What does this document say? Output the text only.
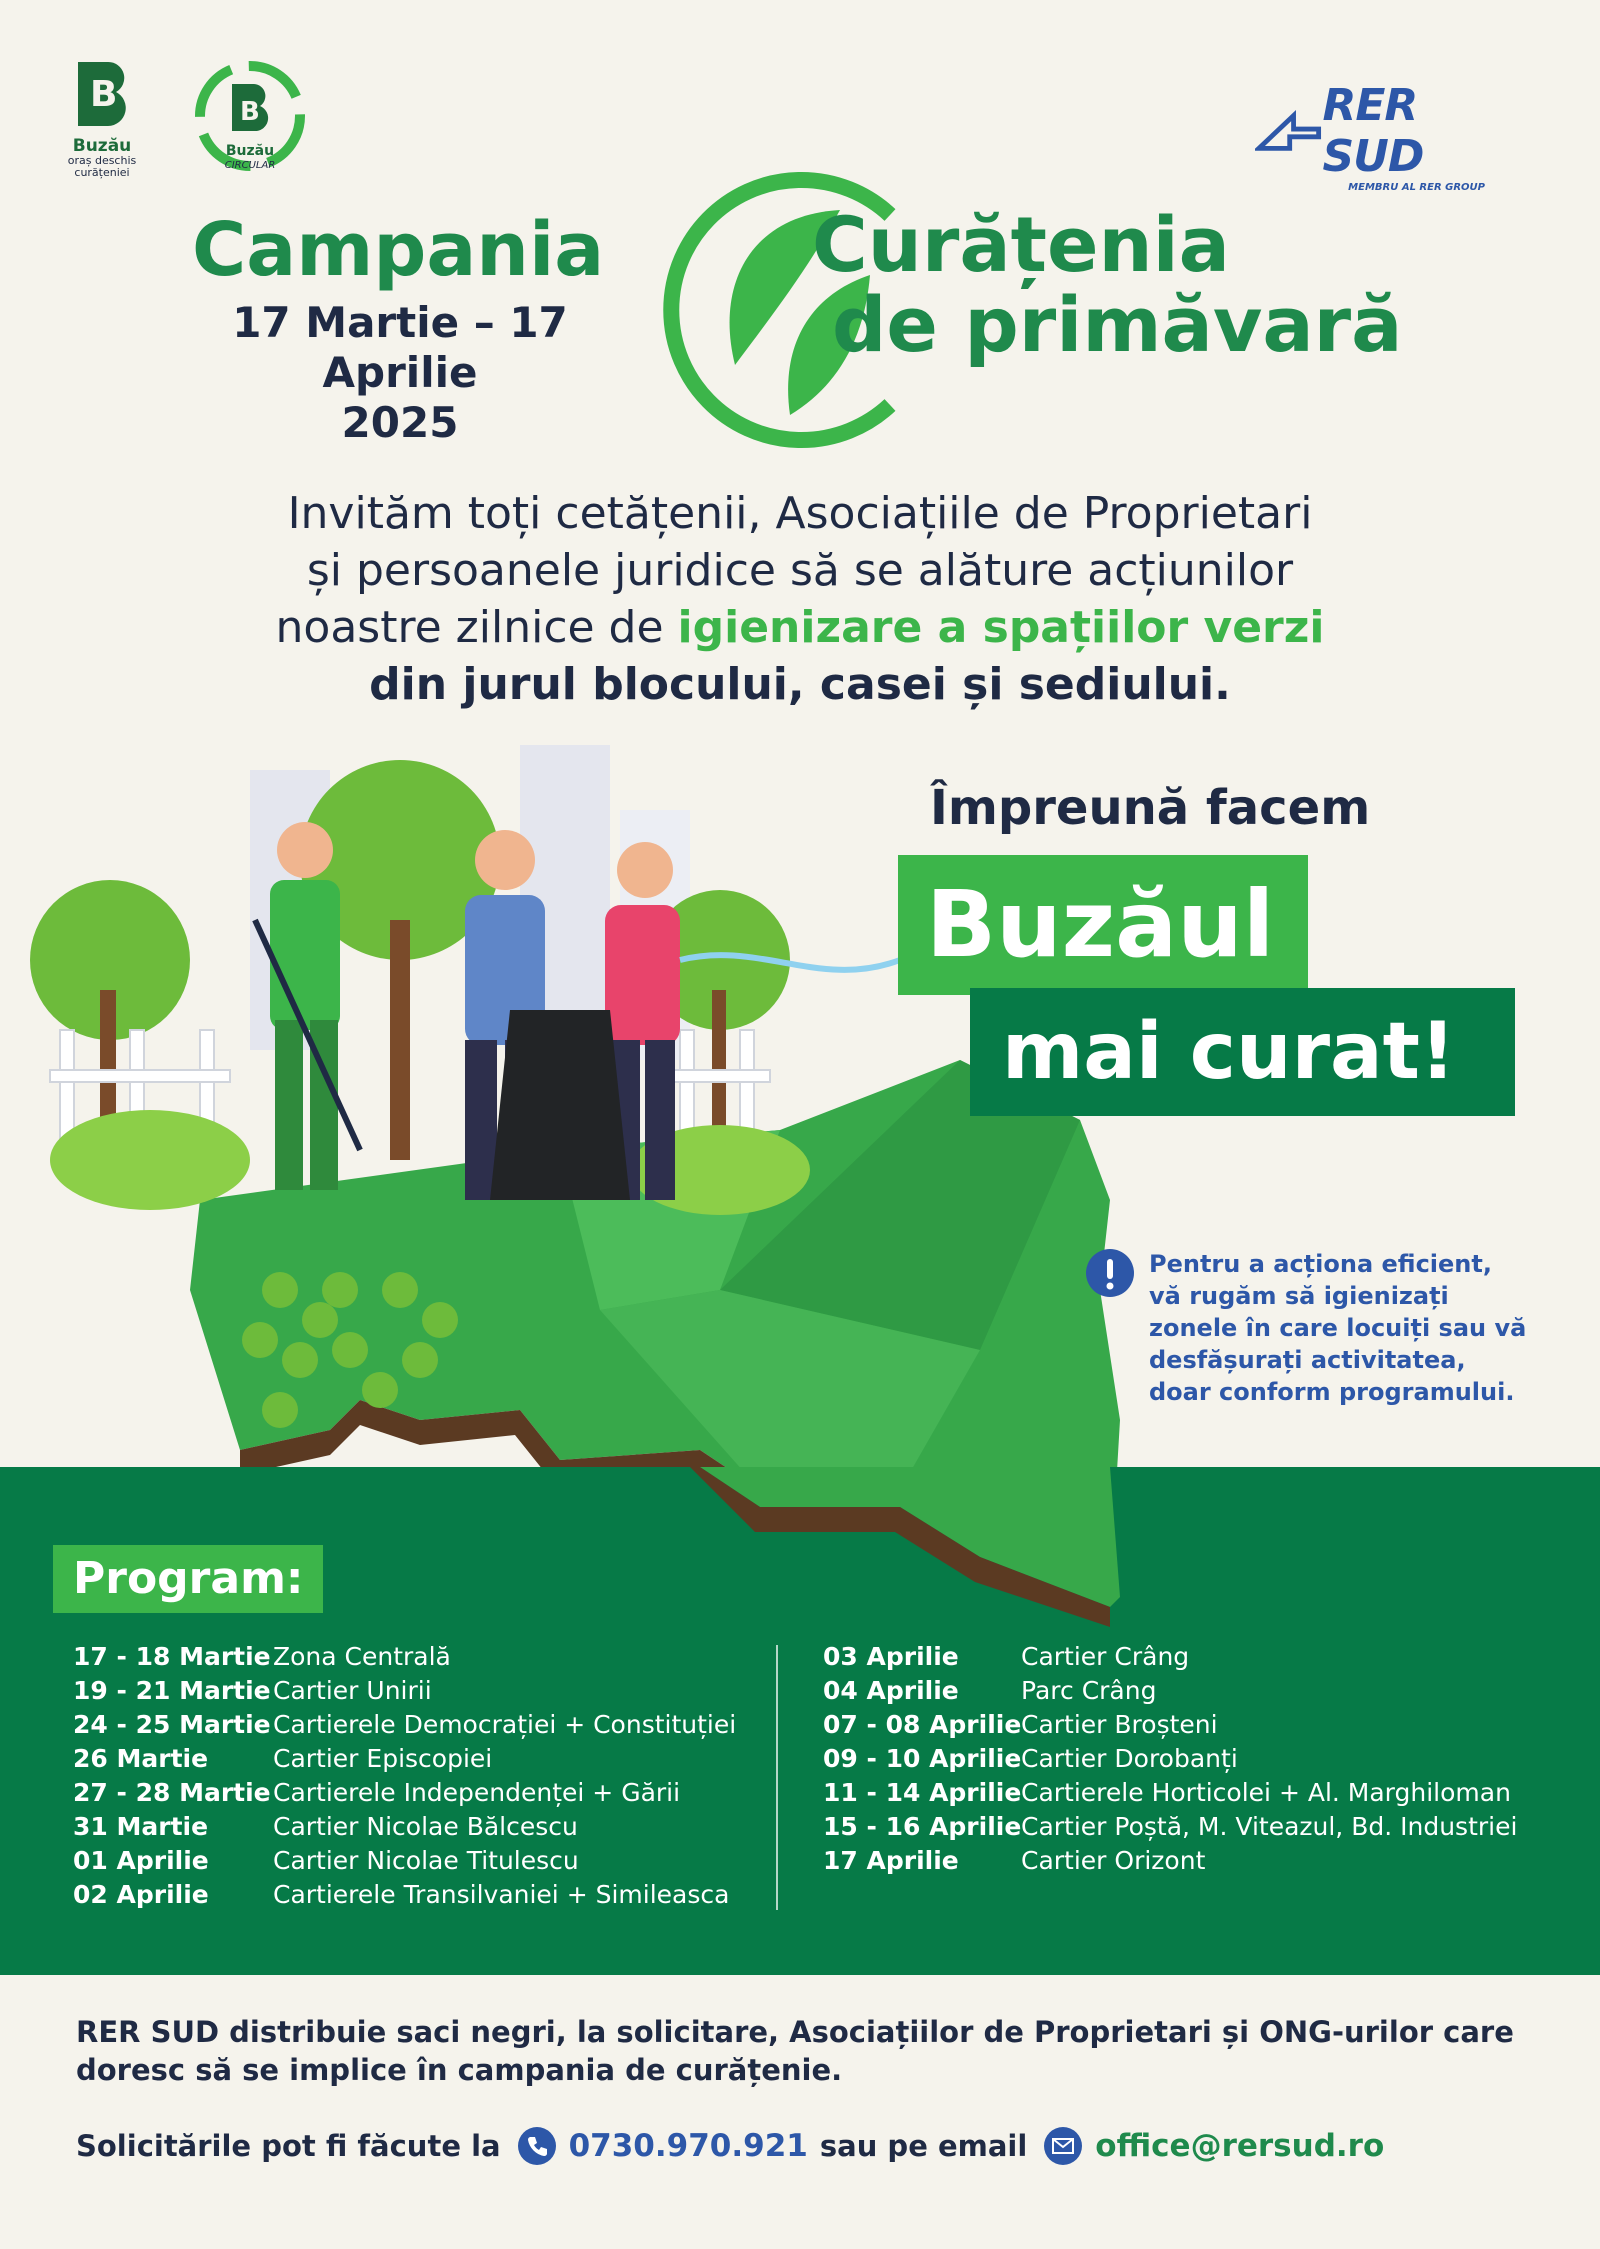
B
Buzău
oraș deschis curățeniei
B
Buzău
CIRCULAR
RER SUD
MEMBRU AL RER GROUP
Campania
17 Martie – 17 Aprilie
2025
Curățenia
de primăvară

Invităm toți cetățenii, Asociațiile de Proprietari

și persoanele juridice să se alăture acțiunilor

noastre zilnice de igienizare a spațiilor verzi

din jurul blocului, casei și sediului.

Împreună facem
Buzăul
mai curat!
Pentru a acționa eficient,
vă rugăm să igienizați
zonele în care locuiți sau vă
desfășurați activitatea,
doar conform programului.
Program:
17 - 18 Martie Zona Centrală
19 - 21 Martie Cartier Unirii
24 - 25 Martie Cartierele Democrației + Constituției
26 Martie	Cartier Episcopiei
27 - 28 Martie Cartierele Independenței + Gării
31 Martie	Cartier Nicolae Bălcescu
01 Aprilie	Cartier Nicolae Titulescu
02 Aprilie	Cartierele Transilvaniei + Simileasca
03 Aprilie	Cartier Crâng
04 Aprilie	Parc Crâng
07 - 08 Aprilie Cartier Broșteni
09 - 10 Aprilie Cartier Dorobanți
11 - 14 Aprilie Cartierele Horticolei + Al. Marghiloman
15 - 16 Aprilie Cartier Poștă, M. Viteazul, Bd. Industriei
17 Aprilie	Cartier Orizont
RER SUD distribuie saci negri, la solicitare, Asociațiilor de Proprietari și ONG-urilor care
doresc să se implice în campania de curățenie.
Solicitările pot fi făcute la 0730.970.921 sau pe email office@rersud.ro
